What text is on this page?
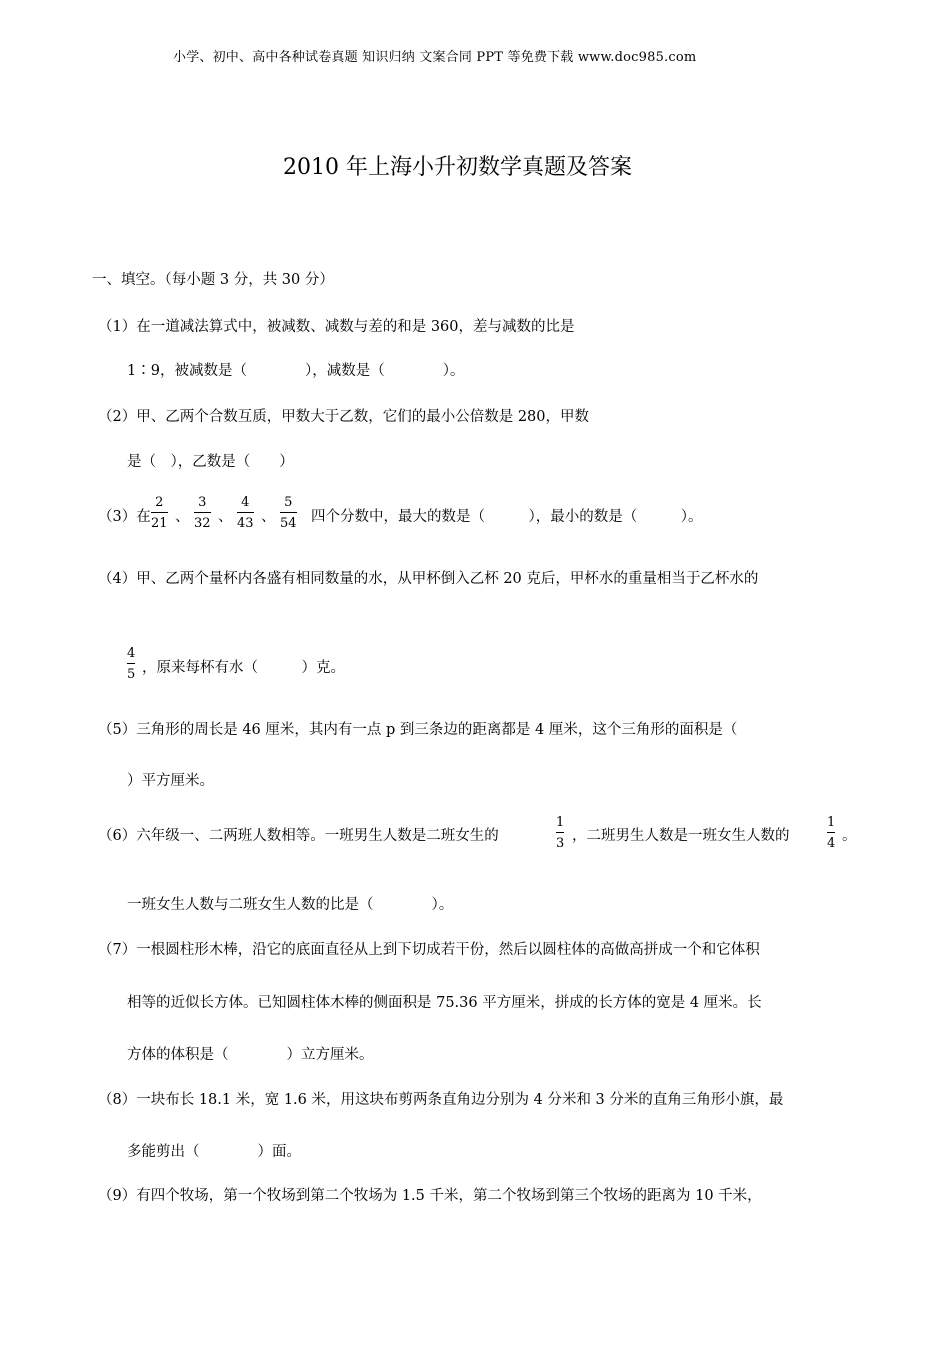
小学、初中、高中各种试卷真题 知识归纳 文案合同 PPT 等免费下载 www.doc985.com
2010 年上海小升初数学真题及答案
一、填空。（每小题 3 分，共 30 分）
（1）在一道减法算式中，被减数、减数与差的和是 360，差与减数的比是
1∶9，被减数是（　　　　），减数是（　　　　）。
（2）甲、乙两个合数互质，甲数大于乙数，它们的最小公倍数是 280，甲数
是（　），乙数是（　　）
（3）在
2
21 、
3
32 、
4
43 、
5
54 四个分数中，最大的数是（　　　），最小的数是（　　　）。
（4）甲、乙两个量杯内各盛有相同数量的水，从甲杯倒入乙杯 20 克后，甲杯水的重量相当于乙杯水的
4
5 ，原来每杯有水（　　　）克。
（5）三角形的周长是 46 厘米，其内有一点 p 到三条边的距离都是 4 厘米，这个三角形的面积是（
）平方厘米。
（6）六年级一、二两班人数相等。一班男生人数是二班女生的
1
3 ，二班男生人数是一班女生人数的
1
4 。
一班女生人数与二班女生人数的比是（　　　　）。
（7）一根圆柱形木棒，沿它的底面直径从上到下切成若干份，然后以圆柱体的高做高拼成一个和它体积
相等的近似长方体。已知圆柱体木棒的侧面积是 75.36 平方厘米，拼成的长方体的宽是 4 厘米。长
方体的体积是（　　　　）立方厘米。
（8）一块布长 18.1 米，宽 1.6 米，用这块布剪两条直角边分别为 4 分米和 3 分米的直角三角形小旗，最
多能剪出（　　　　）面。
（9）有四个牧场，第一个牧场到第二个牧场为 1.5 千米，第二个牧场到第三个牧场的距离为 10 千米，
